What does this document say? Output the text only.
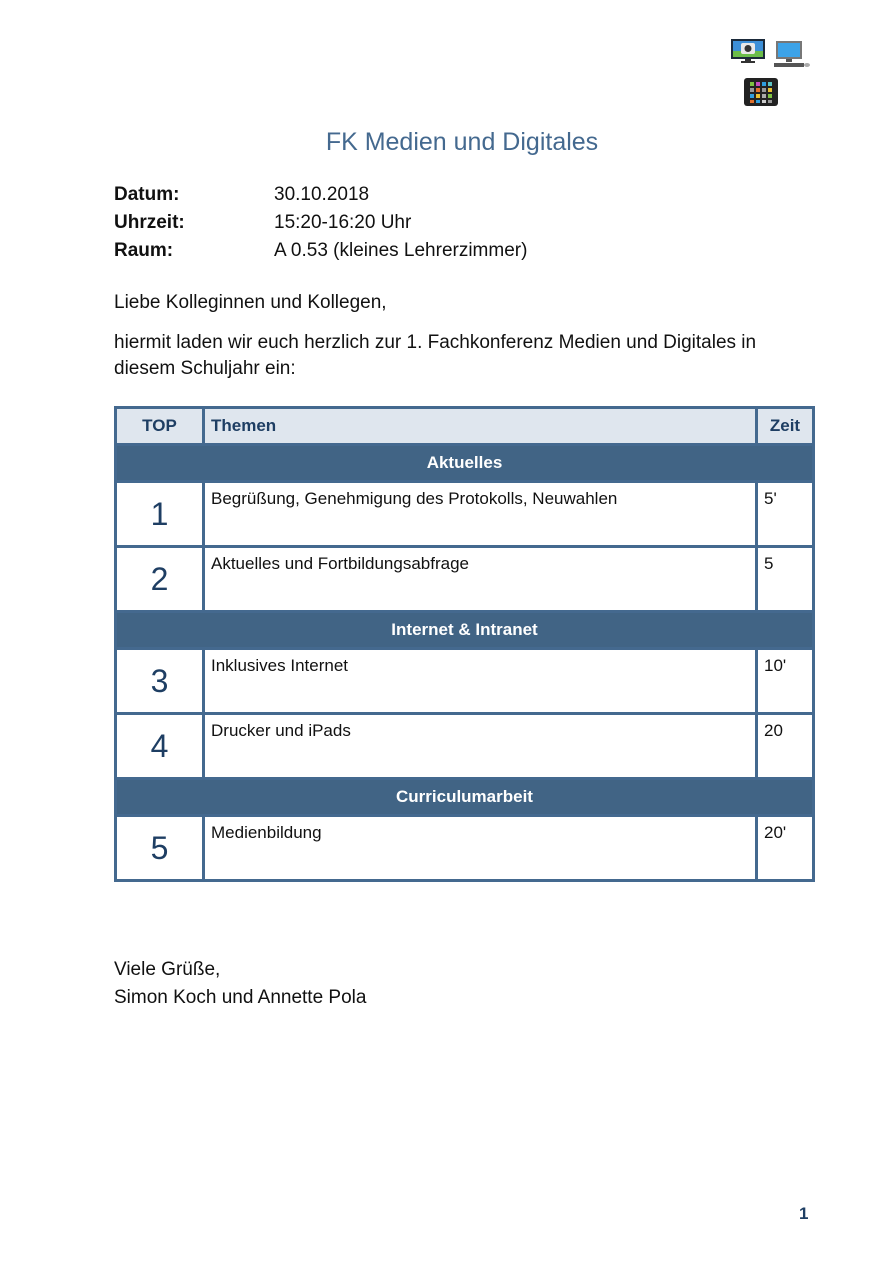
FK Medien und Digitales
Datum:	30.10.2018
Uhrzeit:	15:20-16:20 Uhr
Raum:	A 0.53 (kleines Lehrerzimmer)
Liebe Kolleginnen und Kollegen,
hiermit laden wir euch herzlich zur 1. Fachkonferenz Medien und Digitales in diesem Schuljahr ein:
TOP	Themen	Zeit
Aktuelles		
1	Begrüßung, Genehmigung des Protokolls, Neuwahlen	5'
2	Aktuelles und Fortbildungsabfrage	5
Internet & Intranet		
3	Inklusives Internet	10'
4	Drucker und iPads	20
Curriculumarbeit		
5	Medienbildung	20'
Viele Grüße,
Simon Koch und Annette Pola
1
